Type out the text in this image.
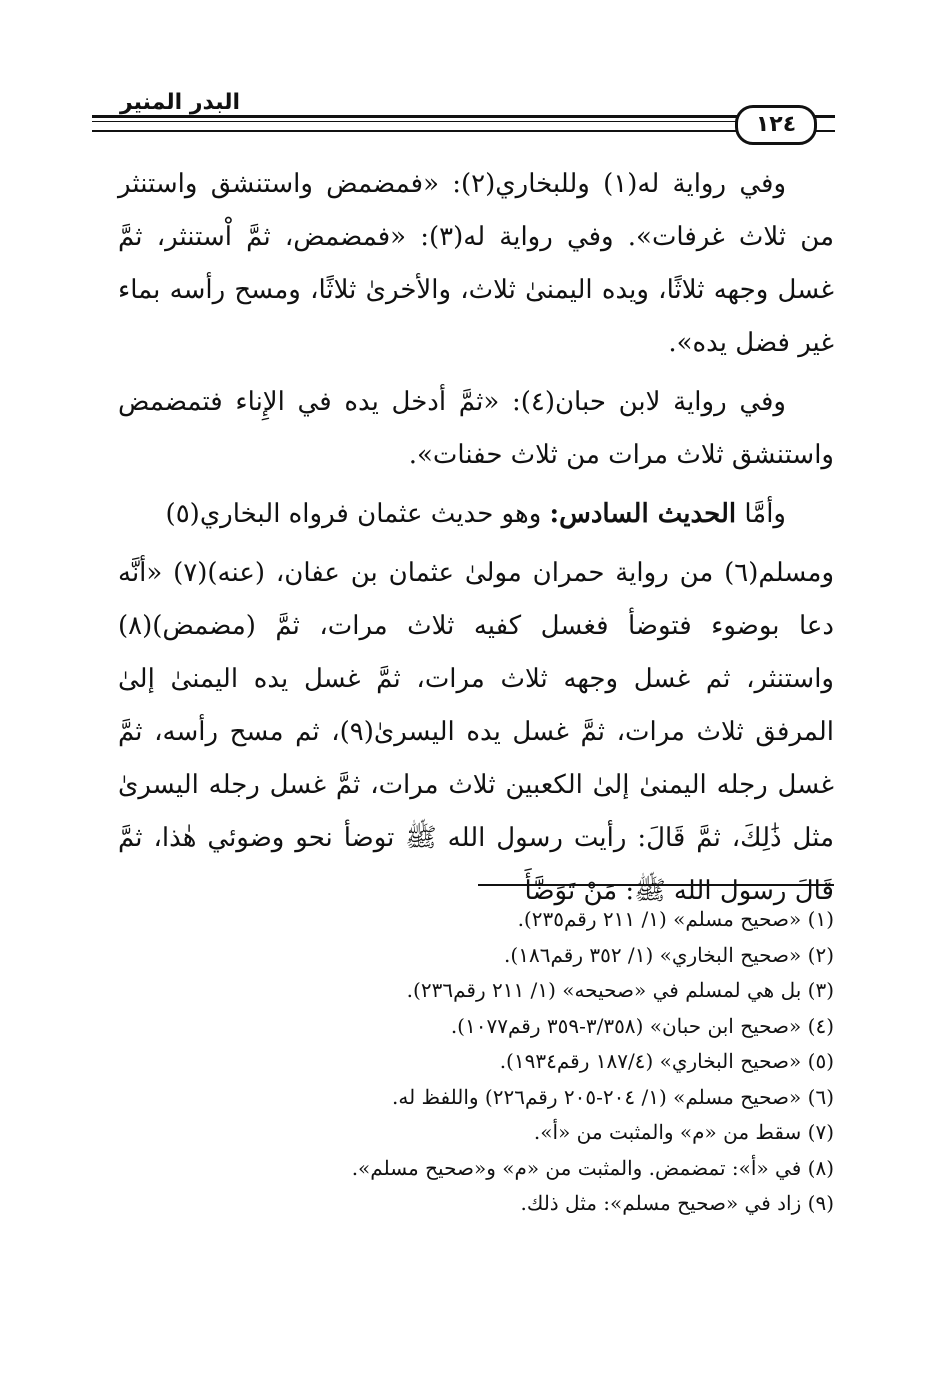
البدر المنير
١٢٤

وفي رواية له(١) وللبخاري(٢): «فمضمض واستنشق واستنثر من ثلاث غرفات». وفي رواية له(٣): «فمضمض، ثمَّ اْستنثر، ثمَّ غسل وجهه ثلاثًا، ويده اليمنىٰ ثلاث، والأخرىٰ ثلاثًا، ومسح رأسه بماء غير فضل يده».

وفي رواية لابن حبان(٤): «ثمَّ أدخل يده في الإِناء فتمضمض واستنشق ثلاث مرات من ثلاث حفنات».

وأمَّا الحديث السادس: وهو حديث عثمان فرواه البخاري(٥)

ومسلم(٦) من رواية حمران مولىٰ عثمان بن عفان، (عنه)(٧) «أنَّه دعا بوضوء فتوضأ فغسل كفيه ثلاث مرات، ثمَّ (مضمض)(٨) واستنثر، ثم غسل وجهه ثلاث مرات، ثمَّ غسل يده اليمنىٰ إلىٰ المرفق ثلاث مرات، ثمَّ غسل يده اليسرىٰ(٩)، ثم مسح رأسه، ثمَّ غسل رجله اليمنىٰ إلىٰ الكعبين ثلاث مرات، ثمَّ غسل رجله اليسرىٰ مثل ذَٰلِكَ، ثمَّ قَالَ: رأيت رسول الله ﷺ توضأ نحو وضوئي هٰذا، ثمَّ قَالَ رسول الله ﷺ: مَنْ تَوَضَّأَ

(١) «صحيح مسلم» (١/ ٢١١ رقم٢٣٥).
(٢) «صحيح البخاري» (١/ ٣٥٢ رقم١٨٦).
(٣) بل هي لمسلم في «صحيحه» (١/ ٢١١ رقم٢٣٦).
(٤) «صحيح ابن حبان» (٣/٣٥٨-٣٥٩ رقم١٠٧٧).
(٥) «صحيح البخاري» (١٨٧/٤ رقم١٩٣٤).
(٦) «صحيح مسلم» (١/ ٢٠٤-٢٠٥ رقم٢٢٦) واللفظ له.
(٧) سقط من «م» والمثبت من «أ».
(٨) في «أ»: تمضمض. والمثبت من «م» و«صحيح مسلم».
(٩) زاد في «صحيح مسلم»: مثل ذلك.
